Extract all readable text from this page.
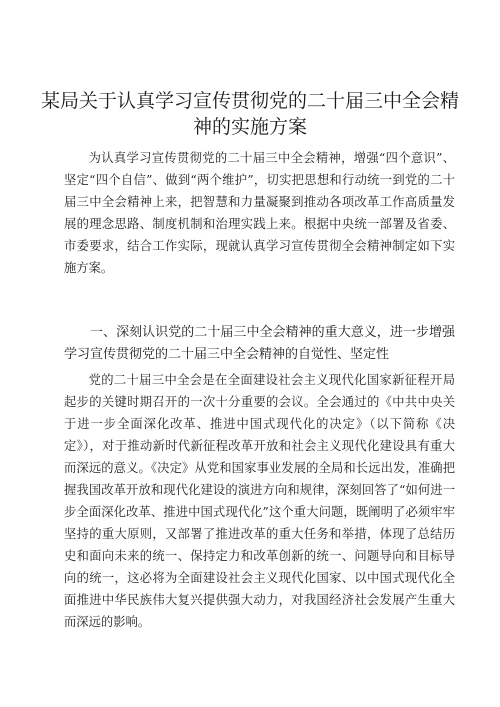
某局关于认真学习宣传贯彻党的二十届三中全会精神的实施方案

为认真学习宣传贯彻党的二十届三中全会精神，增强“四个意识”、坚定“四个自信”、做到“两个维护”，切实把思想和行动统一到党的二十届三中全会精神上来，把智慧和力量凝聚到推动各项改革工作高质量发展的理念思路、制度机制和治理实践上来。根据中央统一部署及省委、市委要求，结合工作实际，现就认真学习宣传贯彻全会精神制定如下实施方案。

一、深刻认识党的二十届三中全会精神的重大意义，进一步增强学习宣传贯彻党的二十届三中全会精神的自觉性、坚定性

党的二十届三中全会是在全面建设社会主义现代化国家新征程开局起步的关键时期召开的一次十分重要的会议。全会通过的《中共中央关于进一步全面深化改革、推进中国式现代化的决定》（以下简称《决定》），对于推动新时代新征程改革开放和社会主义现代化建设具有重大而深远的意义。《决定》从党和国家事业发展的全局和长远出发，准确把握我国改革开放和现代化建设的演进方向和规律，深刻回答了“如何进一步全面深化改革、推进中国式现代化”这个重大问题，既阐明了必须牢牢坚持的重大原则，又部署了推进改革的重大任务和举措，体现了总结历史和面向未来的统一、保持定力和改革创新的统一、问题导向和目标导向的统一，这必将为全面建设社会主义现代化国家、以中国式现代化全面推进中华民族伟大复兴提供强大动力，对我国经济社会发展产生重大而深远的影响。
